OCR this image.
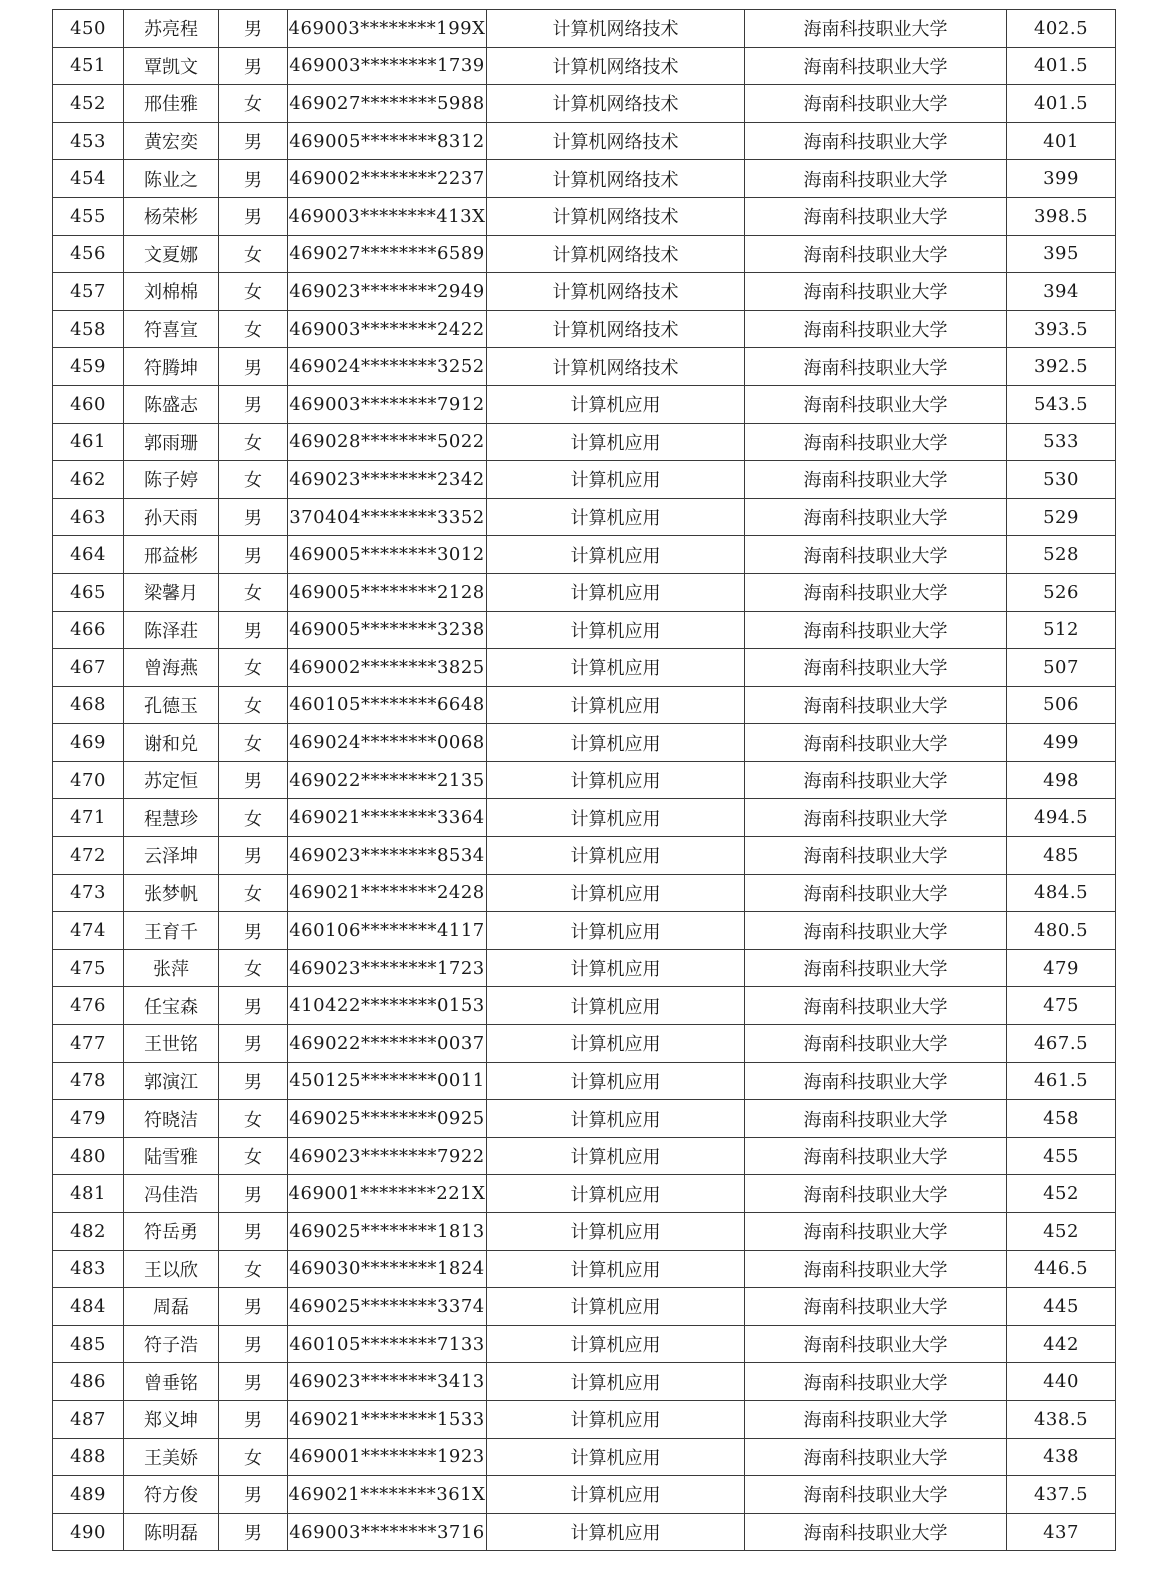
450	苏亮程	男	469003********199X	计算机网络技术	海南科技职业大学	402.5
451	覃凯文	男	469003********1739	计算机网络技术	海南科技职业大学	401.5
452	邢佳雅	女	469027********5988	计算机网络技术	海南科技职业大学	401.5
453	黄宏奕	男	469005********8312	计算机网络技术	海南科技职业大学	401
454	陈业之	男	469002********2237	计算机网络技术	海南科技职业大学	399
455	杨荣彬	男	469003********413X	计算机网络技术	海南科技职业大学	398.5
456	文夏娜	女	469027********6589	计算机网络技术	海南科技职业大学	395
457	刘棉棉	女	469023********2949	计算机网络技术	海南科技职业大学	394
458	符喜宣	女	469003********2422	计算机网络技术	海南科技职业大学	393.5
459	符腾坤	男	469024********3252	计算机网络技术	海南科技职业大学	392.5
460	陈盛志	男	469003********7912	计算机应用	海南科技职业大学	543.5
461	郭雨珊	女	469028********5022	计算机应用	海南科技职业大学	533
462	陈子婷	女	469023********2342	计算机应用	海南科技职业大学	530
463	孙天雨	男	370404********3352	计算机应用	海南科技职业大学	529
464	邢益彬	男	469005********3012	计算机应用	海南科技职业大学	528
465	梁馨月	女	469005********2128	计算机应用	海南科技职业大学	526
466	陈泽荘	男	469005********3238	计算机应用	海南科技职业大学	512
467	曾海燕	女	469002********3825	计算机应用	海南科技职业大学	507
468	孔德玉	女	460105********6648	计算机应用	海南科技职业大学	506
469	谢和兑	女	469024********0068	计算机应用	海南科技职业大学	499
470	苏定恒	男	469022********2135	计算机应用	海南科技职业大学	498
471	程慧珍	女	469021********3364	计算机应用	海南科技职业大学	494.5
472	云泽坤	男	469023********8534	计算机应用	海南科技职业大学	485
473	张梦帆	女	469021********2428	计算机应用	海南科技职业大学	484.5
474	王育千	男	460106********4117	计算机应用	海南科技职业大学	480.5
475	张萍	女	469023********1723	计算机应用	海南科技职业大学	479
476	任宝森	男	410422********0153	计算机应用	海南科技职业大学	475
477	王世铭	男	469022********0037	计算机应用	海南科技职业大学	467.5
478	郭演江	男	450125********0011	计算机应用	海南科技职业大学	461.5
479	符晓洁	女	469025********0925	计算机应用	海南科技职业大学	458
480	陆雪雅	女	469023********7922	计算机应用	海南科技职业大学	455
481	冯佳浩	男	469001********221X	计算机应用	海南科技职业大学	452
482	符岳勇	男	469025********1813	计算机应用	海南科技职业大学	452
483	王以欣	女	469030********1824	计算机应用	海南科技职业大学	446.5
484	周磊	男	469025********3374	计算机应用	海南科技职业大学	445
485	符子浩	男	460105********7133	计算机应用	海南科技职业大学	442
486	曾垂铭	男	469023********3413	计算机应用	海南科技职业大学	440
487	郑义坤	男	469021********1533	计算机应用	海南科技职业大学	438.5
488	王美娇	女	469001********1923	计算机应用	海南科技职业大学	438
489	符方俊	男	469021********361X	计算机应用	海南科技职业大学	437.5
490	陈明磊	男	469003********3716	计算机应用	海南科技职业大学	437
